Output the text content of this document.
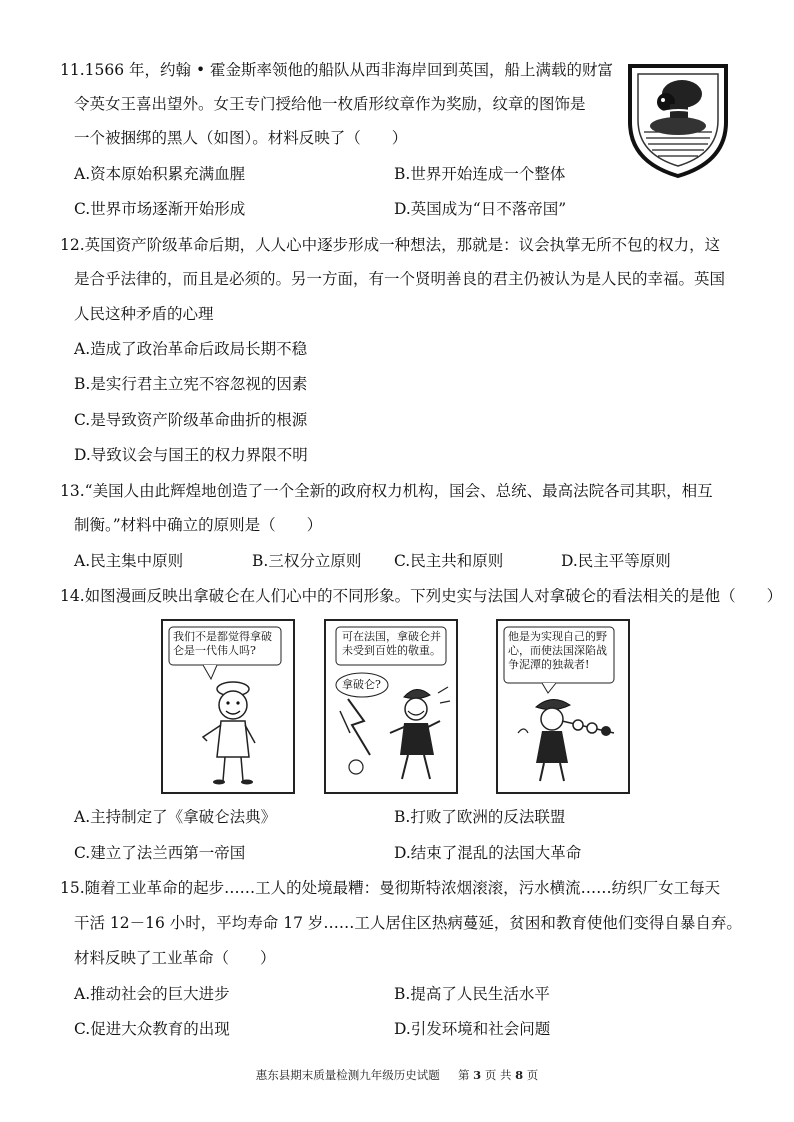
11.1566 年，约翰 • 霍金斯率领他的船队从西非海岸回到英国，船上满载的财富
令英女王喜出望外。女王专门授给他一枚盾形纹章作为奖励，纹章的图饰是
一个被捆绑的黑人（如图）。材料反映了（　　）
A.资本原始积累充满血腥	B.世界开始连成一个整体
C.世界市场逐渐开始形成	D.英国成为“日不落帝国”
12.英国资产阶级革命后期，人人心中逐步形成一种想法，那就是：议会执掌无所不包的权力，这
是合乎法律的，而且是必须的。另一方面，有一个贤明善良的君主仍被认为是人民的幸福。英国
人民这种矛盾的心理
A.造成了政治革命后政局长期不稳
B.是实行君主立宪不容忽视的因素
C.是导致资产阶级革命曲折的根源
D.导致议会与国王的权力界限不明
13.“美国人由此辉煌地创造了一个全新的政府权力机构，国会、总统、最高法院各司其职，相互
制衡。”材料中确立的原则是（　　）
A.民主集中原则	B.三权分立原则 C.民主共和原则	D.民主平等原则
14.如图漫画反映出拿破仑在人们心中的不同形象。下列史实与法国人对拿破仑的看法相关的是他（　　）
我们不是都觉得拿破仑是一代伟人吗?
可在法国，拿破仑并未受到百姓的敬重。
拿破仑?
他是为实现自己的野心，而使法国深陷战争泥潭的独裁者!
A.主持制定了《拿破仑法典》	B.打败了欧洲的反法联盟
C.建立了法兰西第一帝国	D.结束了混乱的法国大革命
15.随着工业革命的起步……工人的处境最糟：曼彻斯特浓烟滚滚，污水横流……纺织厂女工每天
干活 12－16 小时，平均寿命 17 岁……工人居住区热病蔓延，贫困和教育使他们变得自暴自弃。
材料反映了工业革命（　　）
A.推动社会的巨大进步	B.提高了人民生活水平
C.促进大众教育的出现	D.引发环境和社会问题
惠东县期末质量检测九年级历史试题 第 3 页 共 8 页
